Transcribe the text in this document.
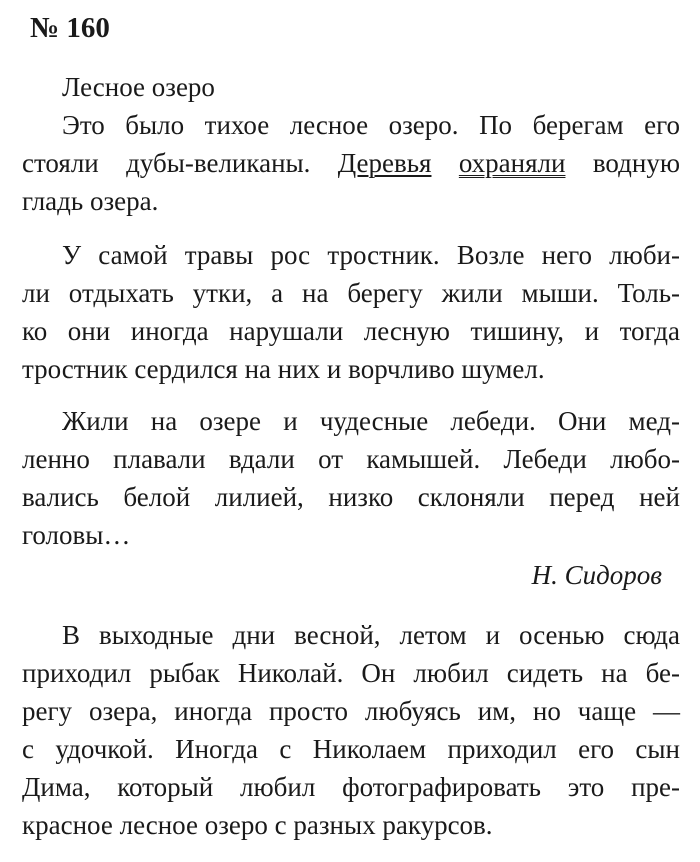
№ 160
Лесное озеро
Это было тихое лесное озеро. По берегам его
стояли дубы-великаны. Деревья охраняли водную
гладь озера.
У самой травы рос тростник. Возле него люби-
ли отдыхать утки, а на берегу жили мыши. Толь-
ко они иногда нарушали лесную тишину, и тогда
тростник сердился на них и ворчливо шумел.
Жили на озере и чудесные лебеди. Они мед-
ленно плавали вдали от камышей. Лебеди любо-
вались белой лилией, низко склоняли перед ней
головы…
Н. Сидоров
В выходные дни весной, летом и осенью сюда
приходил рыбак Николай. Он любил сидеть на бе-
регу озера, иногда просто любуясь им, но чаще —
с удочкой. Иногда с Николаем приходил его сын
Дима, который любил фотографировать это пре-
красное лесное озеро с разных ракурсов.
